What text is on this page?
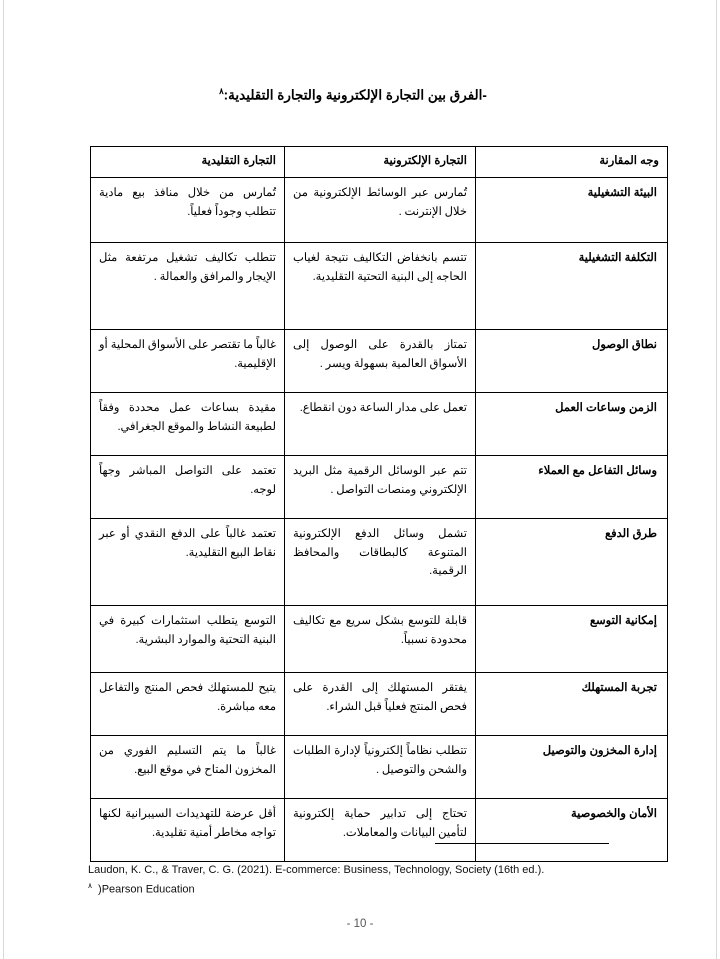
-الفرق بين التجارة الإلكترونية والتجارة التقليدية:$^٨$
وجه المقارنة	التجارة الإلكترونية	التجارة التقليدية
البيئة التشغيلية	تُمارس عبر الوسائط الإلكترونية من خلال الإنترنت .	تُمارس من خلال منافذ بيع مادية تتطلب وجوداً فعلياً.
التكلفة التشغيلية	تتسم بانخفاض التكاليف نتيجة لغياب الحاجه إلى البنية التحتية التقليدية.	تتطلب تكاليف تشغيل مرتفعة مثل الإيجار والمرافق والعمالة .
نطاق الوصول	تمتاز بالقدرة على الوصول إلى الأسواق العالمية بسهولة ويسر .	غالباً ما تقتصر على الأسواق المحلية أو الإقليمية.
الزمن وساعات العمل	تعمل على مدار الساعة دون انقطاع.	مقيدة بساعات عمل محددة وفقاً لطبيعة النشاط والموقع الجغرافي.
وسائل التفاعل مع العملاء	تتم عبر الوسائل الرقمية مثل البريد الإلكتروني ومنصات التواصل .	تعتمد على التواصل المباشر وجهاً لوجه.
طرق الدفع	تشمل وسائل الدفع الإلكترونية المتنوعة كالبطاقات والمحافظ الرقمية.	تعتمد غالباً على الدفع النقدي أو عبر نقاط البيع التقليدية.
إمكانية التوسع	قابلة للتوسع بشكل سريع مع تكاليف محدودة نسبياً.	التوسع يتطلب استثمارات كبيرة في البنية التحتية والموارد البشرية.
تجربة المستهلك	يفتقر المستهلك إلى القدرة على فحص المنتج فعلياً قبل الشراء.	يتيح للمستهلك فحص المنتج والتفاعل معه مباشرة.
إدارة المخزون والتوصيل	تتطلب نظاماً إلكترونياً لإدارة الطلبات والشحن والتوصيل .	غالباً ما يتم التسليم الفوري من المخزون المتاح في موقع البيع.
الأمان والخصوصية	تحتاج إلى تدابير حماية إلكترونية لتأمين البيانات والمعاملات.	أقل عرضة للتهديدات السيبرانية لكنها تواجه مخاطر أمنية تقليدية.
Laudon, K. C., & Traver, C. G. (2021). E-commerce: Business, Technology, Society (16th ed.).
$^٨$ )Pearson Education
- 10 -
